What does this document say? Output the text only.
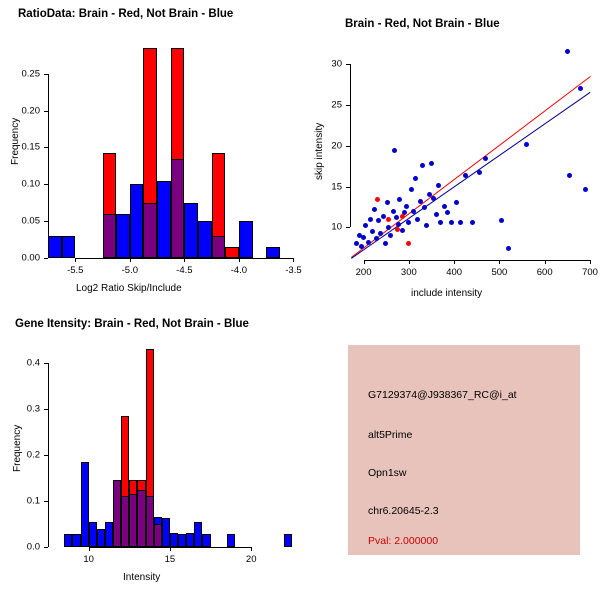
RatioData: Brain - Red, Not Brain - Blue
Log2 Ratio Skip/Include
Frequency
-5.5	-5.0	-4.5	-4.0	-3.5
0.00
0.05
0.10
0.15
0.20
0.25
Brain - Red, Not Brain - Blue
include intensity
skip intensity
200	300	400	500	600	700
10
15
20
25
30
Gene Itensity: Brain - Red, Not Brain - Blue
Intensity
Frequency
10	15	20
0.0
0.1
0.2
0.3
0.4
G7129374@J938367_RC@i_at
alt5Prime
Opn1sw
chr6.20645-2.3
Pval: 2.000000
